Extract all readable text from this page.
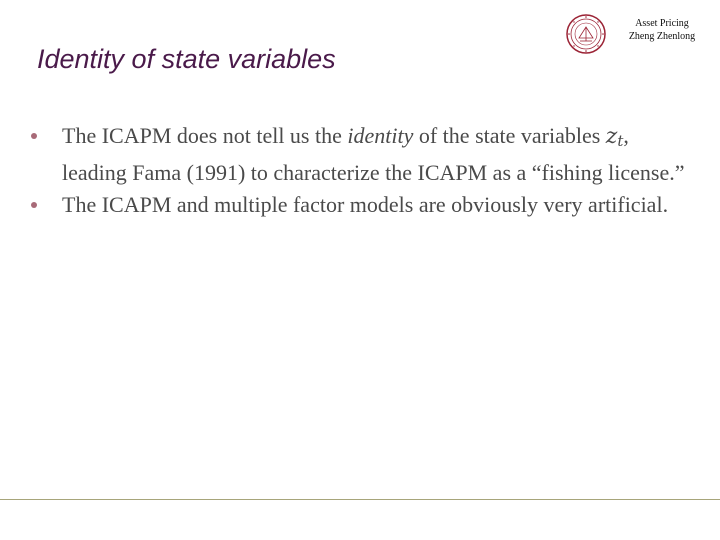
Identity of state variables
Asset Pricing
Zheng Zhenlong
The ICAPM does not tell us the identity of the state variables $z_t$, leading Fama (1991) to characterize the ICAPM as a “fishing license.”
The ICAPM and multiple factor models are obviously very artificial.
